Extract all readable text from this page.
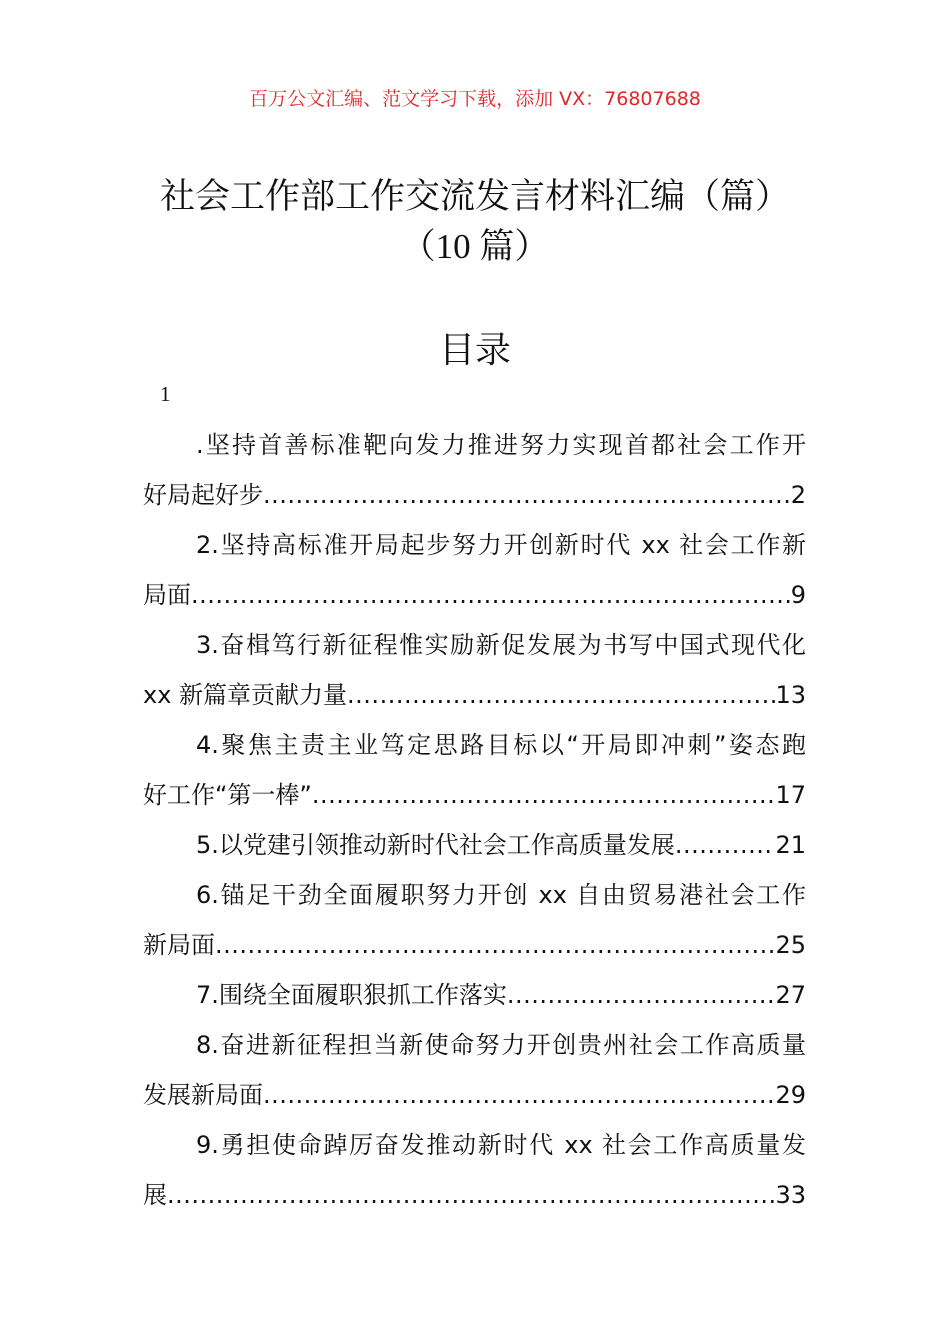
百万公文汇编、范文学习下载，添加 VX：76807688
社会工作部工作交流发言材料汇编（篇）
（10 篇）
目录
1
.坚持首善标准靶向发力推进努力实现首都社会工作开
好局起好步 .....	2
2.坚持高标准开局起步努力开创新时代 xx 社会工作新
局面 .....	9
3.奋楫笃行新征程惟实励新促发展为书写中国式现代化
xx 新篇章贡献力量 .....	13
4.聚焦主责主业笃定思路目标以“开局即冲刺”姿态跑
好工作“第一棒” .....	17
5.以党建引领推动新时代社会工作高质量发展 .....	21
6.锚足干劲全面履职努力开创 xx 自由贸易港社会工作
新局面 .....	25
7.围绕全面履职狠抓工作落实 .....	27
8.奋进新征程担当新使命努力开创贵州社会工作高质量
发展新局面 .....	29
9.勇担使命踔厉奋发推动新时代 xx 社会工作高质量发
展 .....	33
